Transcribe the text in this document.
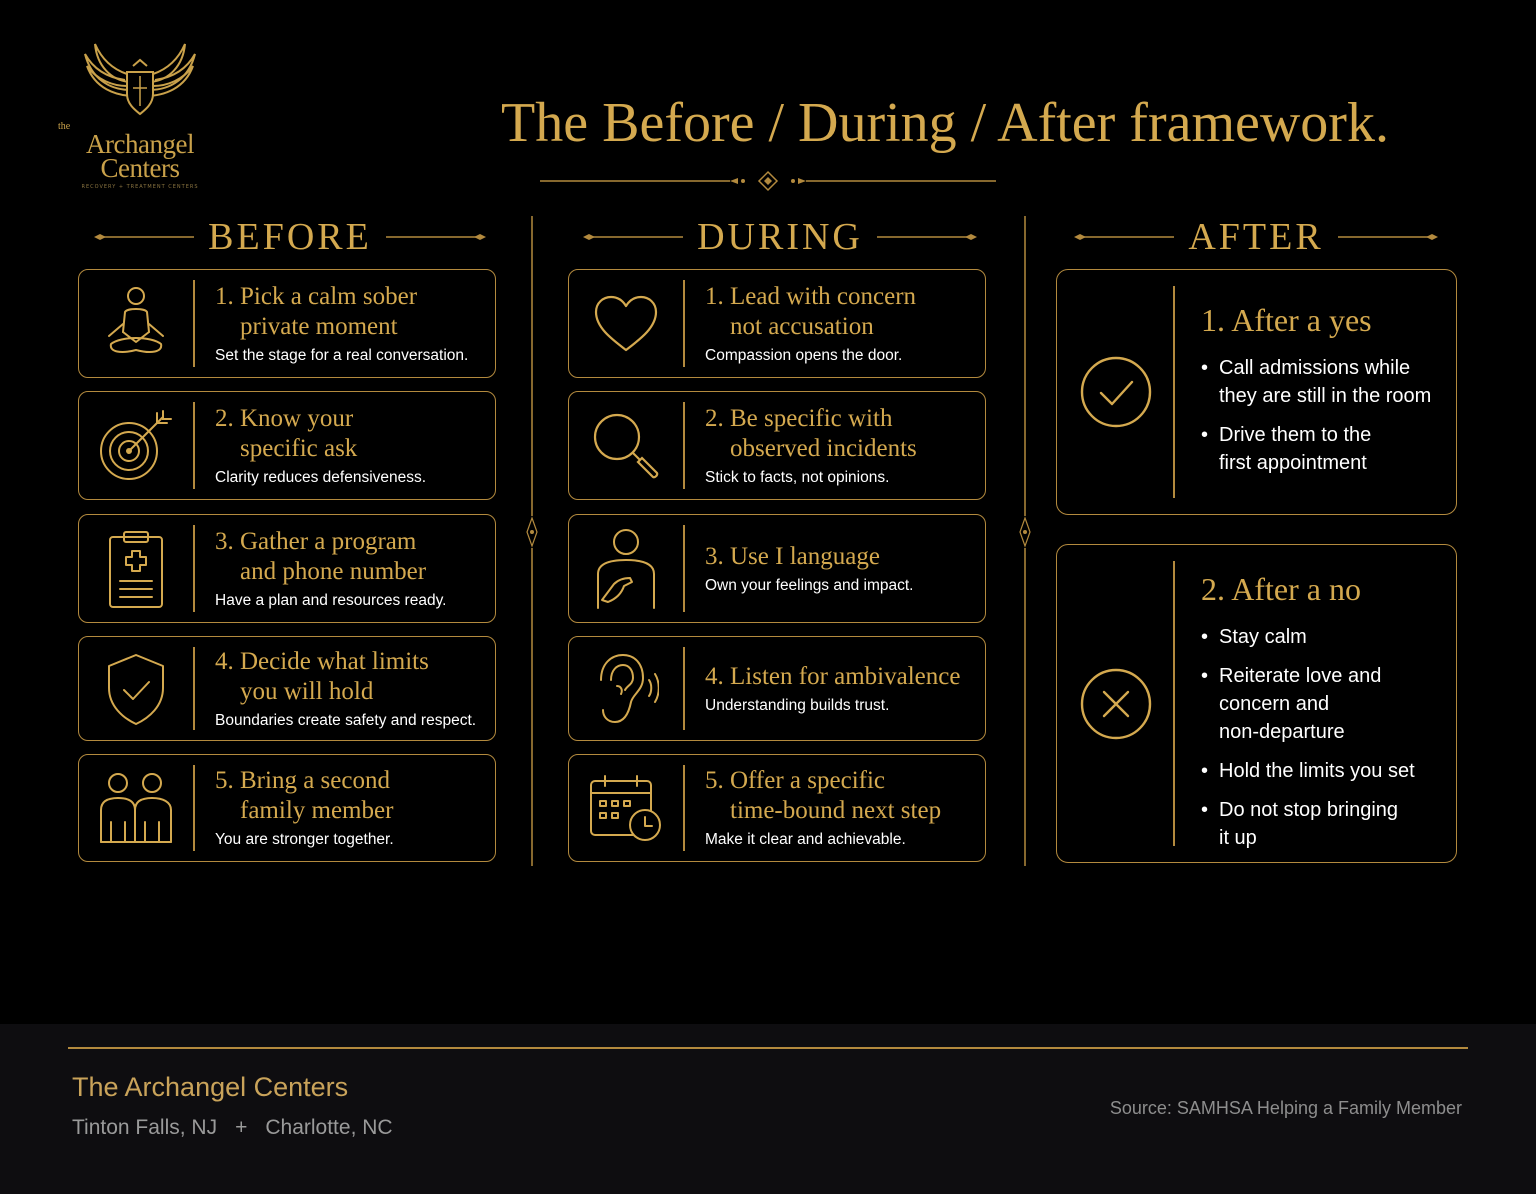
the
Archangel Centers
RECOVERY + TREATMENT CENTERS
The Before / During / After framework.
BEFORE	DURING	AFTER
1. Pick a calm sober
private moment
Set the stage for a real conversation.
2. Know your
specific ask
Clarity reduces defensiveness.
3. Gather a program
and phone number
Have a plan and resources ready.
4. Decide what limits
you will hold
Boundaries create safety and respect.
5. Bring a second
family member
You are stronger together.
1. Lead with concern
not accusation
Compassion opens the door.
2. Be specific with
observed incidents
Stick to facts, not opinions.
3. Use I language
Own your feelings and impact.
4. Listen for ambivalence
Understanding builds trust.
5. Offer a specific
time-bound next step
Make it clear and achievable.
1. After a yes
• Call admissions while
they are still in the room
• Drive them to the
first appointment
2. After a no
• Stay calm
• Reiterate love and
concern and
non-departure
• Hold the limits you set
• Do not stop bringing
it up
The Archangel Centers
Tinton Falls, NJ + Charlotte, NC
Source: SAMHSA Helping a Family Member
